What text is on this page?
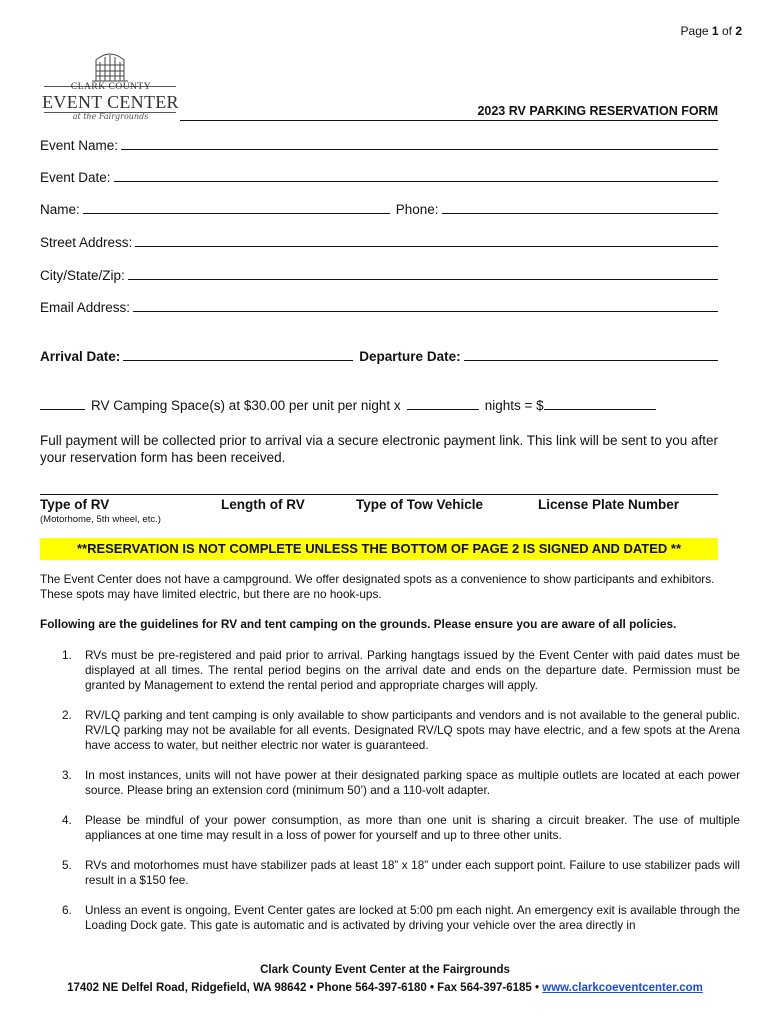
Page 1 of 2
CLARK COUNTY
EVENT CENTER
at the Fairgrounds	2023 RV PARKING RESERVATION FORM
Event Name:
Event Date:
Name:	Phone:
Street Address:
City/State/Zip:
Email Address:
Arrival Date:	Departure Date:
RV Camping Space(s) at $30.00 per unit per night x	nights = $
Full payment will be collected prior to arrival via a secure electronic payment link. This link will be sent to you after your reservation form has been received.
Type of RV	Length of RV	Type of Tow Vehicle	License Plate Number
(Motorhome, 5th wheel, etc.)
**RESERVATION IS NOT COMPLETE UNLESS THE BOTTOM OF PAGE 2 IS SIGNED AND DATED **
The Event Center does not have a campground. We offer designated spots as a convenience to show participants and exhibitors. These spots may have limited electric, but there are no hook-ups.
Following are the guidelines for RV and tent camping on the grounds. Please ensure you are aware of all policies.
1. RVs must be pre-registered and paid prior to arrival. Parking hangtags issued by the Event Center with paid dates must be displayed at all times. The rental period begins on the arrival date and ends on the departure date. Permission must be granted by Management to extend the rental period and appropriate charges will apply.
2. RV/LQ parking and tent camping is only available to show participants and vendors and is not available to the general public. RV/LQ parking may not be available for all events. Designated RV/LQ spots may have electric, and a few spots at the Arena have access to water, but neither electric nor water is guaranteed.
3. In most instances, units will not have power at their designated parking space as multiple outlets are located at each power source. Please bring an extension cord (minimum 50’) and a 110-volt adapter.
4. Please be mindful of your power consumption, as more than one unit is sharing a circuit breaker. The use of multiple appliances at one time may result in a loss of power for yourself and up to three other units.
5. RVs and motorhomes must have stabilizer pads at least 18” x 18” under each support point. Failure to use stabilizer pads will result in a $150 fee.
6. Unless an event is ongoing, Event Center gates are locked at 5:00 pm each night. An emergency exit is available through the Loading Dock gate. This gate is automatic and is activated by driving your vehicle over the area directly in
Clark County Event Center at the Fairgrounds
17402 NE Delfel Road, Ridgefield, WA 98642 • Phone 564-397-6180 • Fax 564-397-6185 • www.clarkcoeventcenter.com
